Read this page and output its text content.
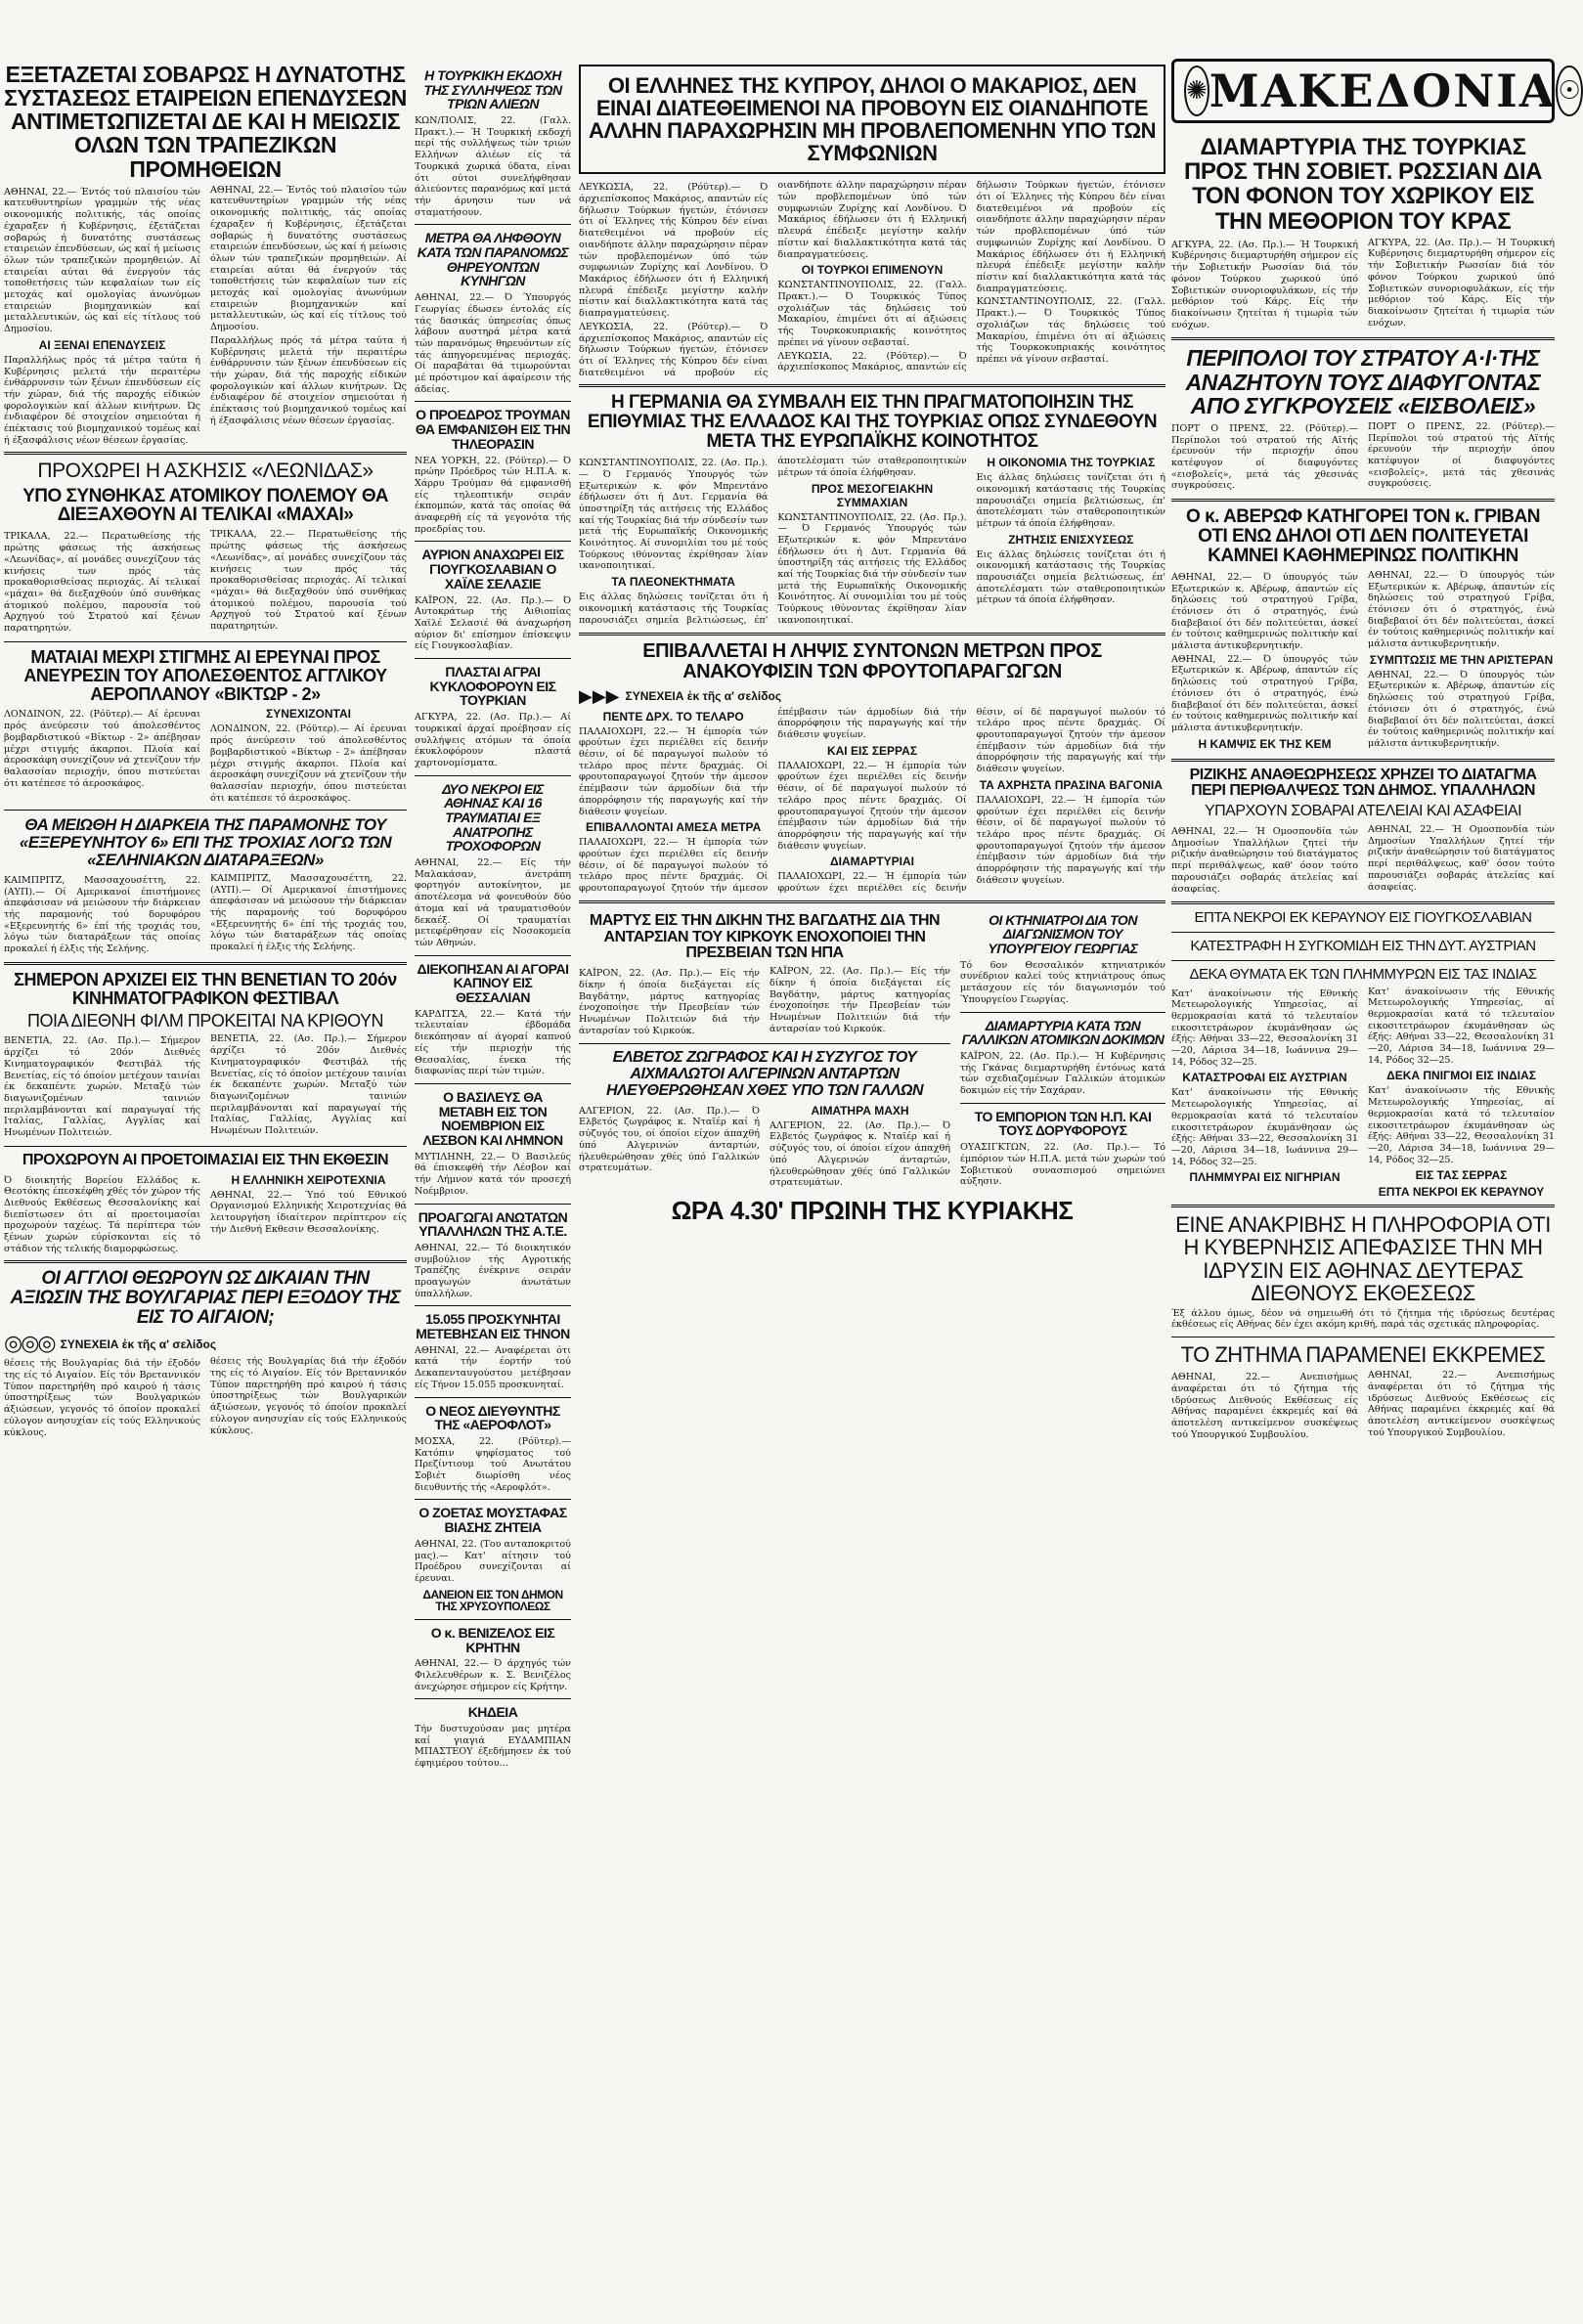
ΕΞΕΤΑΖΕΤΑΙ ΣΟΒΑΡΩΣ Η ΔΥΝΑΤΟΤΗΣ ΣΥΣΤΑΣΕΩΣ ΕΤΑΙΡΕΙΩΝ ΕΠΕΝΔΥΣΕΩΝ ΑΝΤΙΜΕΤΩΠΙΖΕΤΑΙ ΔΕ ΚΑΙ Η ΜΕΙΩΣΙΣ ΟΛΩΝ ΤΩΝ ΤΡΑΠΕΖΙΚΩΝ ΠΡΟΜΗΘΕΙΩΝ

ΑΘΗΝΑΙ, 22.— Έντός τού πλαισίου τών κατευθυντηρίων γραμμών τής νέας οικονομικής πολιτικής, τάς οποίας έχαραξεν ή Κυβέρνησις, έξετάζεται σοβαρώς ή δυνατότης συστάσεως εταιρειών έπενδύσεων, ώς καί ή μείωσις όλων τών τραπεζικών προμηθειών. Αί εταιρείαι αύται θά ένεργούν τάς τοποθετήσεις τών κεφαλαίων των είς μετοχάς καί ομολογίας άνωνύμων εταιρειών βιομηχανικών καί μεταλλευτικών, ώς καί είς τίτλους τού Δημοσίου.

ΑΙ ΞΕΝΑΙ ΕΠΕΝΔΥΣΕΙΣ

Παραλλήλως πρός τά μέτρα ταύτα ή Κυβέρνησις μελετά τήν περαιτέρω ένθάρρυνσιν τών ξένων έπενδύσεων είς τήν χώραν, διά τής παροχής είδικών φορολογικών καί άλλων κινήτρων. Ώς ένδιαφέρον δέ στοιχείον σημειούται ή έπέκτασις τού βιομηχανικού τομέως καί ή έξασφάλισις νέων θέσεων έργασίας.

ΑΘΗΝΑΙ, 22.— Έντός τού πλαισίου τών κατευθυντηρίων γραμμών τής νέας οικονομικής πολιτικής, τάς οποίας έχαραξεν ή Κυβέρνησις, έξετάζεται σοβαρώς ή δυνατότης συστάσεως εταιρειών έπενδύσεων, ώς καί ή μείωσις όλων τών τραπεζικών προμηθειών. Αί εταιρείαι αύται θά ένεργούν τάς τοποθετήσεις τών κεφαλαίων των είς μετοχάς καί ομολογίας άνωνύμων εταιρειών βιομηχανικών καί μεταλλευτικών, ώς καί είς τίτλους τού Δημοσίου.

Παραλλήλως πρός τά μέτρα ταύτα ή Κυβέρνησις μελετά τήν περαιτέρω ένθάρρυνσιν τών ξένων έπενδύσεων είς τήν χώραν, διά τής παροχής είδικών φορολογικών καί άλλων κινήτρων. Ώς ένδιαφέρον δέ στοιχείον σημειούται ή έπέκτασις τού βιομηχανικού τομέως καί ή έξασφάλισις νέων θέσεων έργασίας.

ΠΡΟΧΩΡΕΙ Η ΑΣΚΗΣΙΣ «ΛΕΩΝΙΔΑΣ»
ΥΠΟ ΣΥΝΘΗΚΑΣ ΑΤΟΜΙΚΟΥ ΠΟΛΕΜΟΥ ΘΑ ΔΙΕΞΑΧΘΟΥΝ ΑΙ ΤΕΛΙΚΑΙ «ΜΑΧΑΙ»

ΤΡΙΚΑΛΑ, 22.— Περατωθείσης τής πρώτης φάσεως τής άσκήσεως «Λεωνίδας», αί μονάδες συνεχίζουν τάς κινήσεις των πρός τάς προκαθορισθείσας περιοχάς. Αί τελικαί «μάχαι» θά διεξαχθούν ύπό συνθήκας άτομικού πολέμου, παρουσία τού Αρχηγού τού Στρατού καί ξένων παρατηρητών.

ΤΡΙΚΑΛΑ, 22.— Περατωθείσης τής πρώτης φάσεως τής άσκήσεως «Λεωνίδας», αί μονάδες συνεχίζουν τάς κινήσεις των πρός τάς προκαθορισθείσας περιοχάς. Αί τελικαί «μάχαι» θά διεξαχθούν ύπό συνθήκας άτομικού πολέμου, παρουσία τού Αρχηγού τού Στρατού καί ξένων παρατηρητών.

ΜΑΤΑΙΑΙ ΜΕΧΡΙ ΣΤΙΓΜΗΣ ΑΙ ΕΡΕΥΝΑΙ ΠΡΟΣ ΑΝΕΥΡΕΣΙΝ ΤΟΥ ΑΠΟΛΕΣΘΕΝΤΟΣ ΑΓΓΛΙΚΟΥ ΑΕΡΟΠΛΑΝΟΥ «ΒΙΚΤΩΡ - 2»

ΛΟΝΔΙΝΟΝ, 22. (Ρόϋτερ).— Αί έρευναι πρός άνεύρεσιν τού άπολεσθέντος βομβαρδιστικού «Βίκτωρ - 2» άπέβησαν μέχρι στιγμής άκαρποι. Πλοία καί άεροσκάφη συνεχίζουν νά χτενίζουν τήν θαλασσίαν περιοχήν, όπου πιστεύεται ότι κατέπεσε τό άεροσκάφος.

ΣΥΝΕΧΙΖΟΝΤΑΙ

ΛΟΝΔΙΝΟΝ, 22. (Ρόϋτερ).— Αί έρευναι πρός άνεύρεσιν τού άπολεσθέντος βομβαρδιστικού «Βίκτωρ - 2» άπέβησαν μέχρι στιγμής άκαρποι. Πλοία καί άεροσκάφη συνεχίζουν νά χτενίζουν τήν θαλασσίαν περιοχήν, όπου πιστεύεται ότι κατέπεσε τό άεροσκάφος.

ΘΑ ΜΕΙΩΘΗ Η ΔΙΑΡΚΕΙΑ ΤΗΣ ΠΑΡΑΜΟΝΗΣ ΤΟΥ «ΕΞΕΡΕΥΝΗΤΟΥ 6» ΕΠΙ ΤΗΣ ΤΡΟΧΙΑΣ ΛΟΓΩ ΤΩΝ «ΣΕΛΗΝΙΑΚΩΝ ΔΙΑΤΑΡΑΞΕΩΝ»

ΚΑΙΜΠΡΙΤΖ, Μασσαχουσέττη, 22. (ΑΥΠ).— Οί Αμερικανοί έπιστήμονες άπεφάσισαν νά μειώσουν τήν διάρκειαν τής παραμονής τού δορυφόρου «Εξερευνητής 6» έπί τής τροχιάς του, λόγω τών διαταράξεων τάς οποίας προκαλεί ή έλξις τής Σελήνης.

ΚΑΙΜΠΡΙΤΖ, Μασσαχουσέττη, 22. (ΑΥΠ).— Οί Αμερικανοί έπιστήμονες άπεφάσισαν νά μειώσουν τήν διάρκειαν τής παραμονής τού δορυφόρου «Εξερευνητής 6» έπί τής τροχιάς του, λόγω τών διαταράξεων τάς οποίας προκαλεί ή έλξις τής Σελήνης.

ΣΗΜΕΡΟΝ ΑΡΧΙΖΕΙ ΕΙΣ ΤΗΝ ΒΕΝΕΤΙΑΝ ΤΟ 20όν ΚΙΝΗΜΑΤΟΓΡΑΦΙΚΟΝ ΦΕΣΤΙΒΑΛ
ΠΟΙΑ ΔΙΕΘΝΗ ΦΙΛΜ ΠΡΟΚΕΙΤΑΙ ΝΑ ΚΡΙΘΟΥΝ

ΒΕΝΕΤΙΑ, 22. (Ασ. Πρ.).— Σήμερον άρχίζει τό 20όν Διεθνές Κινηματογραφικόν Φεστιβάλ τής Βενετίας, είς τό όποίον μετέχουν ταινίαι έκ δεκαπέντε χωρών. Μεταξύ τών διαγωνιζομένων ταινιών περιλαμβάνονται καί παραγωγαί τής Ιταλίας, Γαλλίας, Αγγλίας καί Ηνωμένων Πολιτειών.

ΒΕΝΕΤΙΑ, 22. (Ασ. Πρ.).— Σήμερον άρχίζει τό 20όν Διεθνές Κινηματογραφικόν Φεστιβάλ τής Βενετίας, είς τό όποίον μετέχουν ταινίαι έκ δεκαπέντε χωρών. Μεταξύ τών διαγωνιζομένων ταινιών περιλαμβάνονται καί παραγωγαί τής Ιταλίας, Γαλλίας, Αγγλίας καί Ηνωμένων Πολιτειών.

ΠΡΟΧΩΡΟΥΝ ΑΙ ΠΡΟΕΤΟΙΜΑΣΙΑΙ ΕΙΣ ΤΗΝ ΕΚΘΕΣΙΝ

Ό διοικητής Βορείου Ελλάδος κ. Θεοτόκης έπεσκέφθη χθές τόν χώρον τής Διεθνούς Εκθέσεως Θεσσαλονίκης καί διεπίστωσεν ότι αί προετοιμασίαι προχωρούν ταχέως. Τά περίπτερα τών ξένων χωρών εύρίσκονται είς τό στάδιον τής τελικής διαμορφώσεως.

Η ΕΛΛΗΝΙΚΗ ΧΕΙΡΟΤΕΧΝΙΑ

ΑΘΗΝΑΙ, 22.— Ύπό τού Εθνικού Οργανισμού Ελληνικής Χειροτεχνίας θά λειτουργήση ίδιαίτερον περίπτερον είς τήν Διεθνή Εκθεσιν Θεσσαλονίκης.

ΟΙ ΑΓΓΛΟΙ ΘΕΩΡΟΥΝ ΩΣ ΔΙΚΑΙΑΝ ΤΗΝ ΑΞΙΩΣΙΝ ΤΗΣ ΒΟΥΛΓΑΡΙΑΣ ΠΕΡΙ ΕΞΟΔΟΥ ΤΗΣ ΕΙΣ ΤΟ ΑΙΓΑΙΟΝ;
◎◎◎ ΣΥΝΕΧΕΙΑ ἐκ τῆς α' σελίδος

θέσεις τής Βουλγαρίας διά τήν έξοδόν της είς τό Αιγαίον. Είς τόν Βρεταννικόν Τύπον παρετηρήθη πρό καιρού ή τάσις ύποστηρίξεως τών Βουλγαρικών άξιώσεων, γεγονός τό όποίον προκαλεί εύλογον ανησυχίαν είς τούς Ελληνικούς κύκλους.

θέσεις τής Βουλγαρίας διά τήν έξοδόν της είς τό Αιγαίον. Είς τόν Βρεταννικόν Τύπον παρετηρήθη πρό καιρού ή τάσις ύποστηρίξεως τών Βουλγαρικών άξιώσεων, γεγονός τό όποίον προκαλεί εύλογον ανησυχίαν είς τούς Ελληνικούς κύκλους.

Η ΤΟΥΡΚΙΚΗ ΕΚΔΟΧΗ ΤΗΣ ΣΥΛΛΗΨΕΩΣ ΤΩΝ ΤΡΙΩΝ ΑΛΙΕΩΝ

ΚΩΝ/ΠΟΛΙΣ, 22. (Γαλλ. Πρακτ.).— Ή Τουρκική εκδοχή περί τής συλλήψεως τών τριών Ελλήνων άλιέων είς τά Τουρκικά χωρικά ύδατα, είναι ότι ούτοι συνελήφθησαν άλιεύοντες παρανόμως καί μετά τήν άρνησιν των νά σταματήσουν.

ΜΕΤΡΑ ΘΑ ΛΗΦΘΟΥΝ ΚΑΤΑ ΤΩΝ ΠΑΡΑΝΟΜΩΣ ΘΗΡΕΥΟΝΤΩΝ ΚΥΝΗΓΩΝ

ΑΘΗΝΑΙ, 22.— Ό Ύπουργός Γεωργίας έδωσεν έντολάς είς τάς δασικάς ύπηρεσίας όπως λάβουν αυστηρά μέτρα κατά τών παρανόμως θηρευόντων είς τάς άπηγορευμένας περιοχάς. Οί παραβάται θά τιμωρούνται μέ πρόστιμον καί άφαίρεσιν τής άδείας.

Ο ΠΡΟΕΔΡΟΣ ΤΡΟΥΜΑΝ ΘΑ ΕΜΦΑΝΙΣΘΗ ΕΙΣ ΤΗΝ ΤΗΛΕΟΡΑΣΙΝ

ΝΕΑ ΥΟΡΚΗ, 22. (Ρόϋτερ).— Ό πρώην Πρόεδρος τών Η.Π.Α. κ. Χάρρυ Τρούμαν θά εμφανισθή είς τηλεοπτικήν σειράν έκπομπών, κατά τάς οποίας θά άναφερθή είς τά γεγονότα τής προεδρίας του.

ΑΥΡΙΟΝ ΑΝΑΧΩΡΕΙ ΕΙΣ ΓΙΟΥΓΚΟΣΛΑΒΙΑΝ Ο ΧΑΪΛΕ ΣΕΛΑΣΙΕ

ΚΑΪΡΟΝ, 22. (Ασ. Πρ.).— Ό Αυτοκράτωρ τής Αιθιοπίας Χαϊλέ Σελασιέ θά άναχωρήση αύριον δι' επίσημον έπίσκεψιν είς Γιουγκοσλαβίαν.

ΠΛΑΣΤΑΙ ΑΓΡΑΙ ΚΥΚΛΟΦΟΡΟΥΝ ΕΙΣ ΤΟΥΡΚΙΑΝ

ΑΓΚΥΡΑ, 22. (Ασ. Πρ.).— Αί τουρκικαί άρχαί προέβησαν είς συλλήψεις ατόμων τά όποία έκυκλοφόρουν πλαστά χαρτονομίσματα.

ΔΥΟ ΝΕΚΡΟΙ ΕΙΣ ΑΘΗΝΑΣ ΚΑΙ 16 ΤΡΑΥΜΑΤΙΑΙ ΕΞ ΑΝΑΤΡΟΠΗΣ ΤΡΟΧΟΦΟΡΩΝ

ΑΘΗΝΑΙ, 22.— Είς τήν Μαλακάσαν, άνετράπη φορτηγόν αυτοκίνητον, με άποτέλεσμα νά φονευθούν δύο άτομα καί νά τραυματισθούν δεκαέξ. Οί τραυματίαι μετεφέρθησαν είς Νοσοκομεία τών Αθηνών.

ΔΙΕΚΟΠΗΣΑΝ ΑΙ ΑΓΟΡΑΙ ΚΑΠΝΟΥ ΕΙΣ ΘΕΣΣΑΛΙΑΝ

ΚΑΡΔΙΤΣΑ, 22.— Κατά τήν τελευταίαν έβδομάδα διεκόπησαν αί άγοραί καπνού είς τήν περιοχήν τής Θεσσαλίας, ένεκα τής διαφωνίας περί τών τιμών.

Ο ΒΑΣΙΛΕΥΣ ΘΑ ΜΕΤΑΒΗ ΕΙΣ ΤΟΝ ΝΟΕΜΒΡΙΟΝ ΕΙΣ ΛΕΣΒΟΝ ΚΑΙ ΛΗΜΝΟΝ

ΜΥΤΙΛΗΝΗ, 22.— Ό Βασιλεύς θά έπισκεφθή τήν Λέσβον καί τήν Λήμνον κατά τόν προσεχή Νοέμβριον.

ΠΡΟΑΓΩΓΑΙ ΑΝΩΤΑΤΩΝ ΥΠΑΛΛΗΛΩΝ ΤΗΣ Α.Τ.Ε.

ΑΘΗΝΑΙ, 22.— Τό διοικητικόν συμβούλιον τής Αγροτικής Τραπέζης ένέκρινε σειράν προαγωγών άνωτάτων ύπαλλήλων.

15.055 ΠΡΟΣΚΥΝΗΤΑΙ ΜΕΤΕΒΗΣΑΝ ΕΙΣ ΤΗΝΟΝ

ΑΘΗΝΑΙ, 22.— Αναφέρεται ότι κατά τήν έορτήν τού Δεκαπενταυγούστου μετέβησαν είς Τήνον 15.055 προσκυνηταί.

Ο ΝΕΟΣ ΔΙΕΥΘΥΝΤΗΣ ΤΗΣ «ΑΕΡΟΦΛΟΤ»

ΜΟΣΧΑ, 22. (Ρόϋτερ).— Κατόπιν ψηφίσματος τού Πρεζίντιουμ τού Ανωτάτου Σοβιέτ διωρίσθη νέος διευθυντής τής «Αεροφλότ».

Ο ΖΟΕΤΑΣ ΜΟΥΣΤΑΦΑΣ ΒΙΑΣΗΣ ΖΗΤΕΙΑ

ΑΘΗΝΑΙ, 22. (Του ανταποκριτού μας).— Κατ' αίτησιν τού Προέδρου συνεχίζονται αί έρευναι.

ΔΑΝΕΙΟΝ ΕΙΣ ΤΟΝ ΔΗΜΟΝ ΤΗΣ ΧΡΥΣΟΥΠΟΛΕΩΣ
Ο κ. ΒΕΝΙΖΕΛΟΣ ΕΙΣ ΚΡΗΤΗΝ

ΑΘΗΝΑΙ, 22.— Ό άρχηγός τών Φιλελευθέρων κ. Σ. Βενιζέλος άνεχώρησε σήμερον είς Κρήτην.

ΚΗΔΕΙΑ

Τήν δυστυχούσαν μας μητέρα καί γιαγιά ΕΥΔΑΜΠΙΑΝ ΜΠΑΣΤΕΟΥ έξεδήμησεν έκ τού έφηιμέρου τούτου...

ΟΙ ΕΛΛΗΝΕΣ ΤΗΣ ΚΥΠΡΟΥ, ΔΗΛΟΙ Ο ΜΑΚΑΡΙΟΣ, ΔΕΝ ΕΙΝΑΙ ΔΙΑΤΕΘΕΙΜΕΝΟΙ ΝΑ ΠΡΟΒΟΥΝ ΕΙΣ ΟΙΑΝΔΗΠΟΤΕ ΑΛΛΗΝ ΠΑΡΑΧΩΡΗΣΙΝ ΜΗ ΠΡΟΒΛΕΠΟΜΕΝΗΝ ΥΠΟ ΤΩΝ ΣΥΜΦΩΝΙΩΝ

ΛΕΥΚΩΣΙΑ, 22. (Ρόϋτερ).— Ό άρχιεπίσκοπος Μακάριος, απαντών είς δήλωσιν Τούρκων ήγετών, έτόνισεν ότι οί Έλληνες τής Κύπρου δέν είναι διατεθειμένοι νά προβούν είς οιανδήποτε άλλην παραχώρησιν πέραν τών προβλεπομένων ύπό τών συμφωνιών Ζυρίχης καί Λονδίνου. Ό Μακάριος έδήλωσεν ότι ή Ελληνική πλευρά έπέδειξε μεγίστην καλήν πίστιν καί διαλλακτικότητα κατά τάς διαπραγματεύσεις.

ΛΕΥΚΩΣΙΑ, 22. (Ρόϋτερ).— Ό άρχιεπίσκοπος Μακάριος, απαντών είς δήλωσιν Τούρκων ήγετών, έτόνισεν ότι οί Έλληνες τής Κύπρου δέν είναι διατεθειμένοι νά προβούν είς οιανδήποτε άλλην παραχώρησιν πέραν τών προβλεπομένων ύπό τών συμφωνιών Ζυρίχης καί Λονδίνου. Ό Μακάριος έδήλωσεν ότι ή Ελληνική πλευρά έπέδειξε μεγίστην καλήν πίστιν καί διαλλακτικότητα κατά τάς διαπραγματεύσεις.

ΟΙ ΤΟΥΡΚΟΙ ΕΠΙΜΕΝΟΥΝ

ΚΩΝΣΤΑΝΤΙΝΟΥΠΟΛΙΣ, 22. (Γαλλ. Πρακτ.).— Ό Τουρκικός Τύπος σχολιάζων τάς δηλώσεις τού Μακαρίου, έπιμένει ότι αί άξιώσεις τής Τουρκοκυπριακής κοινότητος πρέπει νά γίνουν σεβασταί.

ΛΕΥΚΩΣΙΑ, 22. (Ρόϋτερ).— Ό άρχιεπίσκοπος Μακάριος, απαντών είς δήλωσιν Τούρκων ήγετών, έτόνισεν ότι οί Έλληνες τής Κύπρου δέν είναι διατεθειμένοι νά προβούν είς οιανδήποτε άλλην παραχώρησιν πέραν τών προβλεπομένων ύπό τών συμφωνιών Ζυρίχης καί Λονδίνου. Ό Μακάριος έδήλωσεν ότι ή Ελληνική πλευρά έπέδειξε μεγίστην καλήν πίστιν καί διαλλακτικότητα κατά τάς διαπραγματεύσεις.

ΚΩΝΣΤΑΝΤΙΝΟΥΠΟΛΙΣ, 22. (Γαλλ. Πρακτ.).— Ό Τουρκικός Τύπος σχολιάζων τάς δηλώσεις τού Μακαρίου, έπιμένει ότι αί άξιώσεις τής Τουρκοκυπριακής κοινότητος πρέπει νά γίνουν σεβασταί.

Η ΓΕΡΜΑΝΙΑ ΘΑ ΣΥΜΒΑΛΗ ΕΙΣ ΤΗΝ ΠΡΑΓΜΑΤΟΠΟΙΗΣΙΝ ΤΗΣ ΕΠΙΘΥΜΙΑΣ ΤΗΣ ΕΛΛΑΔΟΣ ΚΑΙ ΤΗΣ ΤΟΥΡΚΙΑΣ ΟΠΩΣ ΣΥΝΔΕΘΟΥΝ ΜΕΤΑ ΤΗΣ ΕΥΡΩΠΑΪΚΗΣ ΚΟΙΝΟΤΗΤΟΣ

ΚΩΝΣΤΑΝΤΙΝΟΥΠΟΛΙΣ, 22. (Ασ. Πρ.).— Ό Γερμανός Ύπουργός τών Εξωτερικών κ. φόν Μπρεντάνο έδήλωσεν ότι ή Δυτ. Γερμανία θά ύποστηρίξη τάς αιτήσεις τής Ελλάδος καί τής Τουρκίας διά τήν σύνδεσίν των μετά τής Ευρωπαϊκής Οικονομικής Κοινότητος. Αί συνομιλίαι του μέ τούς Τούρκους ιθύνοντας έκρίθησαν λίαν ικανοποιητικαί.

ΤΑ ΠΛΕΟΝΕΚΤΗΜΑΤΑ

Εις άλλας δηλώσεις τονίζεται ότι ή οικονομική κατάστασις τής Τουρκίας παρουσιάζει σημεία βελτιώσεως, έπ' άποτελέσματι τών σταθεροποιητικών μέτρων τά όποία έλήφθησαν.

ΠΡΟΣ ΜΕΣΟΓΕΙΑΚΗΝ ΣΥΜΜΑΧΙΑΝ

ΚΩΝΣΤΑΝΤΙΝΟΥΠΟΛΙΣ, 22. (Ασ. Πρ.).— Ό Γερμανός Ύπουργός τών Εξωτερικών κ. φόν Μπρεντάνο έδήλωσεν ότι ή Δυτ. Γερμανία θά ύποστηρίξη τάς αιτήσεις τής Ελλάδος καί τής Τουρκίας διά τήν σύνδεσίν των μετά τής Ευρωπαϊκής Οικονομικής Κοινότητος. Αί συνομιλίαι του μέ τούς Τούρκους ιθύνοντας έκρίθησαν λίαν ικανοποιητικαί.

Η ΟΙΚΟΝΟΜΙΑ ΤΗΣ ΤΟΥΡΚΙΑΣ

Εις άλλας δηλώσεις τονίζεται ότι ή οικονομική κατάστασις τής Τουρκίας παρουσιάζει σημεία βελτιώσεως, έπ' άποτελέσματι τών σταθεροποιητικών μέτρων τά όποία έλήφθησαν.

ΖΗΤΗΣΙΣ ΕΝΙΣΧΥΣΕΩΣ

Εις άλλας δηλώσεις τονίζεται ότι ή οικονομική κατάστασις τής Τουρκίας παρουσιάζει σημεία βελτιώσεως, έπ' άποτελέσματι τών σταθεροποιητικών μέτρων τά όποία έλήφθησαν.

ΕΠΙΒΑΛΛΕΤΑΙ Η ΛΗΨΙΣ ΣΥΝΤΟΝΩΝ ΜΕΤΡΩΝ ΠΡΟΣ ΑΝΑΚΟΥΦΙΣΙΝ ΤΩΝ ΦΡΟΥΤΟΠΑΡΑΓΩΓΩΝ
▶▶▶ ΣΥΝΕΧΕΙΑ ἐκ τῆς α' σελίδος
ΠΕΝΤΕ ΔΡΧ. ΤΟ ΤΕΛΑΡΟ

ΠΑΛΑΙΟΧΩΡΙ, 22.— Ή έμπορία τών φρούτων έχει περιέλθει είς δεινήν θέσιν, οί δέ παραγωγοί πωλούν τό τελάρο προς πέντε δραχμάς. Οί φρουτοπαραγωγοί ζητούν τήν άμεσον έπέμβασιν τών άρμοδίων διά τήν άπορρόφησιν τής παραγωγής καί τήν διάθεσιν ψυγείων.

ΕΠΙΒΑΛΛΟΝΤΑΙ ΑΜΕΣΑ ΜΕΤΡΑ

ΠΑΛΑΙΟΧΩΡΙ, 22.— Ή έμπορία τών φρούτων έχει περιέλθει είς δεινήν θέσιν, οί δέ παραγωγοί πωλούν τό τελάρο προς πέντε δραχμάς. Οί φρουτοπαραγωγοί ζητούν τήν άμεσον έπέμβασιν τών άρμοδίων διά τήν άπορρόφησιν τής παραγωγής καί τήν διάθεσιν ψυγείων.

ΚΑΙ ΕΙΣ ΣΕΡΡΑΣ

ΠΑΛΑΙΟΧΩΡΙ, 22.— Ή έμπορία τών φρούτων έχει περιέλθει είς δεινήν θέσιν, οί δέ παραγωγοί πωλούν τό τελάρο προς πέντε δραχμάς. Οί φρουτοπαραγωγοί ζητούν τήν άμεσον έπέμβασιν τών άρμοδίων διά τήν άπορρόφησιν τής παραγωγής καί τήν διάθεσιν ψυγείων.

ΔΙΑΜΑΡΤΥΡΙΑΙ

ΠΑΛΑΙΟΧΩΡΙ, 22.— Ή έμπορία τών φρούτων έχει περιέλθει είς δεινήν θέσιν, οί δέ παραγωγοί πωλούν τό τελάρο προς πέντε δραχμάς. Οί φρουτοπαραγωγοί ζητούν τήν άμεσον έπέμβασιν τών άρμοδίων διά τήν άπορρόφησιν τής παραγωγής καί τήν διάθεσιν ψυγείων.

ΤΑ ΑΧΡΗΣΤΑ ΠΡΑΣΙΝΑ ΒΑΓΟΝΙΑ

ΠΑΛΑΙΟΧΩΡΙ, 22.— Ή έμπορία τών φρούτων έχει περιέλθει είς δεινήν θέσιν, οί δέ παραγωγοί πωλούν τό τελάρο προς πέντε δραχμάς. Οί φρουτοπαραγωγοί ζητούν τήν άμεσον έπέμβασιν τών άρμοδίων διά τήν άπορρόφησιν τής παραγωγής καί τήν διάθεσιν ψυγείων.

ΜΑΡΤΥΣ ΕΙΣ ΤΗΝ ΔΙΚΗΝ ΤΗΣ ΒΑΓΔΑΤΗΣ ΔΙΑ ΤΗΝ ΑΝΤΑΡΣΙΑΝ ΤΟΥ ΚΙΡΚΟΥΚ ΕΝΟΧΟΠΟΙΕΙ ΤΗΝ ΠΡΕΣΒΕΙΑΝ ΤΩΝ ΗΠΑ

ΚΑΪΡΟΝ, 22. (Ασ. Πρ.).— Είς τήν δίκην ή όποία διεξάγεται είς Βαγδάτην, μάρτυς κατηγορίας ένοχοποίησε τήν Πρεσβείαν τών Ηνωμένων Πολιτειών διά τήν άνταρσίαν τού Κιρκούκ.

ΚΑΪΡΟΝ, 22. (Ασ. Πρ.).— Είς τήν δίκην ή όποία διεξάγεται είς Βαγδάτην, μάρτυς κατηγορίας ένοχοποίησε τήν Πρεσβείαν τών Ηνωμένων Πολιτειών διά τήν άνταρσίαν τού Κιρκούκ.

ΕΛΒΕΤΟΣ ΖΩΓΡΑΦΟΣ ΚΑΙ Η ΣΥΖΥΓΟΣ ΤΟΥ ΑΙΧΜΑΛΩΤΟΙ ΑΛΓΕΡΙΝΩΝ ΑΝΤΑΡΤΩΝ ΗΛΕΥΘΕΡΩΘΗΣΑΝ ΧΘΕΣ ΥΠΟ ΤΩΝ ΓΑΛΛΩΝ

ΑΛΓΕΡΙΟΝ, 22. (Ασ. Πρ.).— Ό Ελβετός ζωγράφος κ. Νταϊέρ καί ή σύζυγός του, οί όποίοι είχον άπαχθή ύπό Αλγερινών άνταρτών, ήλευθερώθησαν χθές ύπό Γαλλικών στρατευμάτων.

ΑΙΜΑΤΗΡΑ ΜΑΧΗ

ΑΛΓΕΡΙΟΝ, 22. (Ασ. Πρ.).— Ό Ελβετός ζωγράφος κ. Νταϊέρ καί ή σύζυγός του, οί όποίοι είχον άπαχθή ύπό Αλγερινών άνταρτών, ήλευθερώθησαν χθές ύπό Γαλλικών στρατευμάτων.

ΟΙ ΚΤΗΝΙΑΤΡΟΙ ΔΙΑ ΤΟΝ ΔΙΑΓΩΝΙΣΜΟΝ ΤΟΥ ΥΠΟΥΡΓΕΙΟΥ ΓΕΩΡΓΙΑΣ

Τό 6ον Θεσσαλικόν κτηνιατρικόν συνέδριον καλεί τούς κτηνιάτρους όπως μετάσχουν είς τόν διαγωνισμόν τού Ύπουργείου Γεωργίας.

ΔΙΑΜΑΡΤΥΡΙΑ ΚΑΤΑ ΤΩΝ ΓΑΛΛΙΚΩΝ ΑΤΟΜΙΚΩΝ ΔΟΚΙΜΩΝ

ΚΑΪΡΟΝ, 22. (Ασ. Πρ.).— Ή Κυβέρνησις τής Γκάνας διεμαρτυρήθη έντόνως κατά τών σχεδιαζομένων Γαλλικών άτομικών δοκιμών είς τήν Σαχάραν.

ΤΟ ΕΜΠΟΡΙΟΝ ΤΩΝ Η.Π. ΚΑΙ ΤΟΥΣ ΔΟΡΥΦΟΡΟΥΣ

ΟΥΑΣΙΓΚΤΩΝ, 22. (Ασ. Πρ.).— Τό έμπόριον τών Η.Π.Α. μετά τών χωρών τού Σοβιετικού συνασπισμού σημειώνει αύξησιν.

ΩΡΑ 4.30' ΠΡΩΙΝΗ ΤΗΣ ΚΥΡΙΑΚΗΣ
✺ ΜΑΚΕΔΟΝΙΑ ☉
ΔΙΑΜΑΡΤΥΡΙΑ ΤΗΣ ΤΟΥΡΚΙΑΣ ΠΡΟΣ ΤΗΝ ΣΟΒΙΕΤ. ΡΩΣΣΙΑΝ ΔΙΑ ΤΟΝ ΦΟΝΟΝ ΤΟΥ ΧΩΡΙΚΟΥ ΕΙΣ ΤΗΝ ΜΕΘΟΡΙΟΝ ΤΟΥ ΚΡΑΣ

ΑΓΚΥΡΑ, 22. (Ασ. Πρ.).— Ή Τουρκική Κυβέρνησις διεμαρτυρήθη σήμερον είς τήν Σοβιετικήν Ρωσσίαν διά τόν φόνον Τούρκου χωρικού ύπό Σοβιετικών συνοριοφυλάκων, είς τήν μεθόριον τού Κάρς. Είς τήν διακοίνωσιν ζητείται ή τιμωρία τών ενόχων.

ΑΓΚΥΡΑ, 22. (Ασ. Πρ.).— Ή Τουρκική Κυβέρνησις διεμαρτυρήθη σήμερον είς τήν Σοβιετικήν Ρωσσίαν διά τόν φόνον Τούρκου χωρικού ύπό Σοβιετικών συνοριοφυλάκων, είς τήν μεθόριον τού Κάρς. Είς τήν διακοίνωσιν ζητείται ή τιμωρία τών ενόχων.

ΠΕΡΙΠΟΛΟΙ ΤΟΥ ΣΤΡΑΤΟΥ Α·Ι·ΤΗΣ ΑΝΑΖΗΤΟΥΝ ΤΟΥΣ ΔΙΑΦΥΓΟΝΤΑΣ ΑΠΟ ΣΥΓΚΡΟΥΣΕΙΣ «ΕΙΣΒΟΛΕΙΣ»

ΠΟΡΤ Ο ΠΡΕΝΣ, 22. (Ρόϋτερ).— Περίπολοι τού στρατού τής Αϊτής έρευνούν τήν περιοχήν όπου κατέφυγον οί διαφυγόντες «εισβολείς», μετά τάς χθεσινάς συγκρούσεις.

ΠΟΡΤ Ο ΠΡΕΝΣ, 22. (Ρόϋτερ).— Περίπολοι τού στρατού τής Αϊτής έρευνούν τήν περιοχήν όπου κατέφυγον οί διαφυγόντες «εισβολείς», μετά τάς χθεσινάς συγκρούσεις.

Ο κ. ΑΒΕΡΩΦ ΚΑΤΗΓΟΡΕΙ ΤΟΝ κ. ΓΡΙΒΑΝ ΟΤΙ ΕΝΩ ΔΗΛΟΙ ΟΤΙ ΔΕΝ ΠΟΛΙΤΕΥΕΤΑΙ ΚΑΜΝΕΙ ΚΑΘΗΜΕΡΙΝΩΣ ΠΟΛΙΤΙΚΗΝ

ΑΘΗΝΑΙ, 22.— Ό ύπουργός τών Εξωτερικών κ. Αβέρωφ, άπαντών είς δηλώσεις τού στρατηγού Γρίβα, έτόνισεν ότι ό στρατηγός, ένώ διαβεβαιοί ότι δέν πολιτεύεται, άσκεί έν τούτοις καθημερινώς πολιτικήν καί μάλιστα άντικυβερνητικήν.

ΑΘΗΝΑΙ, 22.— Ό ύπουργός τών Εξωτερικών κ. Αβέρωφ, άπαντών είς δηλώσεις τού στρατηγού Γρίβα, έτόνισεν ότι ό στρατηγός, ένώ διαβεβαιοί ότι δέν πολιτεύεται, άσκεί έν τούτοις καθημερινώς πολιτικήν καί μάλιστα άντικυβερνητικήν.

Η ΚΑΜΨΙΣ ΕΚ ΤΗΣ ΚΕΜ

ΑΘΗΝΑΙ, 22.— Ό ύπουργός τών Εξωτερικών κ. Αβέρωφ, άπαντών είς δηλώσεις τού στρατηγού Γρίβα, έτόνισεν ότι ό στρατηγός, ένώ διαβεβαιοί ότι δέν πολιτεύεται, άσκεί έν τούτοις καθημερινώς πολιτικήν καί μάλιστα άντικυβερνητικήν.

ΣΥΜΠΤΩΣΙΣ ΜΕ ΤΗΝ ΑΡΙΣΤΕΡΑΝ

ΑΘΗΝΑΙ, 22.— Ό ύπουργός τών Εξωτερικών κ. Αβέρωφ, άπαντών είς δηλώσεις τού στρατηγού Γρίβα, έτόνισεν ότι ό στρατηγός, ένώ διαβεβαιοί ότι δέν πολιτεύεται, άσκεί έν τούτοις καθημερινώς πολιτικήν καί μάλιστα άντικυβερνητικήν.

ΡΙΖΙΚΗΣ ΑΝΑΘΕΩΡΗΣΕΩΣ ΧΡΗΖΕΙ ΤΟ ΔΙΑΤΑΓΜΑ ΠΕΡΙ ΠΕΡΙΘΑΛΨΕΩΣ ΤΩΝ ΔΗΜΟΣ. ΥΠΑΛΛΗΛΩΝ
ΥΠΑΡΧΟΥΝ ΣΟΒΑΡΑΙ ΑΤΕΛΕΙΑΙ ΚΑΙ ΑΣΑΦΕΙΑΙ

ΑΘΗΝΑΙ, 22.— Ή Ομοσπονδία τών Δημοσίων Υπαλλήλων ζητεί τήν ριζικήν άναθεώρησιν τού διατάγματος περί περιθάλψεως, καθ' όσον τούτο παρουσιάζει σοβαράς άτελείας καί άσαφείας.

ΑΘΗΝΑΙ, 22.— Ή Ομοσπονδία τών Δημοσίων Υπαλλήλων ζητεί τήν ριζικήν άναθεώρησιν τού διατάγματος περί περιθάλψεως, καθ' όσον τούτο παρουσιάζει σοβαράς άτελείας καί άσαφείας.

ΕΠΤΑ ΝΕΚΡΟΙ ΕΚ ΚΕΡΑΥΝΟΥ ΕΙΣ ΓΙΟΥΓΚΟΣΛΑΒΙΑΝ
ΚΑΤΕΣΤΡΑΦΗ Η ΣΥΓΚΟΜΙΔΗ ΕΙΣ ΤΗΝ ΔΥΤ. ΑΥΣΤΡΙΑΝ
ΔΕΚΑ ΘΥΜΑΤΑ ΕΚ ΤΩΝ ΠΛΗΜΜΥΡΩΝ ΕΙΣ ΤΑΣ ΙΝΔΙΑΣ

Κατ' άνακοίνωσιν τής Εθνικής Μετεωρολογικής Υπηρεσίας, αί θερμοκρασίαι κατά τό τελευταίον εικοσιτετράωρον έκυμάνθησαν ώς έξής: Αθήναι 33—22, Θεσσαλονίκη 31—20, Λάρισα 34—18, Ιωάννινα 29—14, Ρόδος 32—25.

ΚΑΤΑΣΤΡΟΦΑΙ ΕΙΣ ΑΥΣΤΡΙΑΝ

Κατ' άνακοίνωσιν τής Εθνικής Μετεωρολογικής Υπηρεσίας, αί θερμοκρασίαι κατά τό τελευταίον εικοσιτετράωρον έκυμάνθησαν ώς έξής: Αθήναι 33—22, Θεσσαλονίκη 31—20, Λάρισα 34—18, Ιωάννινα 29—14, Ρόδος 32—25.

ΠΛΗΜΜΥΡΑΙ ΕΙΣ ΝΙΓΗΡΙΑΝ

Κατ' άνακοίνωσιν τής Εθνικής Μετεωρολογικής Υπηρεσίας, αί θερμοκρασίαι κατά τό τελευταίον εικοσιτετράωρον έκυμάνθησαν ώς έξής: Αθήναι 33—22, Θεσσαλονίκη 31—20, Λάρισα 34—18, Ιωάννινα 29—14, Ρόδος 32—25.

ΔΕΚΑ ΠΝΙΓΜΟΙ ΕΙΣ ΙΝΔΙΑΣ

Κατ' άνακοίνωσιν τής Εθνικής Μετεωρολογικής Υπηρεσίας, αί θερμοκρασίαι κατά τό τελευταίον εικοσιτετράωρον έκυμάνθησαν ώς έξής: Αθήναι 33—22, Θεσσαλονίκη 31—20, Λάρισα 34—18, Ιωάννινα 29—14, Ρόδος 32—25.

ΕΙΣ ΤΑΣ ΣΕΡΡΑΣ
ΕΠΤΑ ΝΕΚΡΟΙ ΕΚ ΚΕΡΑΥΝΟΥ
ΕΙΝΕ ΑΝΑΚΡΙΒΗΣ Η ΠΛΗΡΟΦΟΡΙΑ ΟΤΙ Η ΚΥΒΕΡΝΗΣΙΣ ΑΠΕΦΑΣΙΣΕ ΤΗΝ ΜΗ ΙΔΡΥΣΙΝ ΕΙΣ ΑΘΗΝΑΣ ΔΕΥΤΕΡΑΣ ΔΙΕΘΝΟΥΣ ΕΚΘΕΣΕΩΣ

Έξ άλλου όμως, δέον νά σημειωθή ότι τό ζήτημα τής ιδρύσεως δευτέρας έκθέσεως είς Αθήνας δέν έχει ακόμη κριθή, παρά τάς σχετικάς πληροφορίας.

ΤΟ ΖΗΤΗΜΑ ΠΑΡΑΜΕΝΕΙ ΕΚΚΡΕΜΕΣ

ΑΘΗΝΑΙ, 22.— Ανεπισήμως άναφέρεται ότι τό ζήτημα τής ιδρύσεως Διεθνούς Εκθέσεως είς Αθήνας παραμένει έκκρεμές καί θά άποτελέση αντικείμενον συσκέψεως τού Υπουργικού Συμβουλίου.

ΑΘΗΝΑΙ, 22.— Ανεπισήμως άναφέρεται ότι τό ζήτημα τής ιδρύσεως Διεθνούς Εκθέσεως είς Αθήνας παραμένει έκκρεμές καί θά άποτελέση αντικείμενον συσκέψεως τού Υπουργικού Συμβουλίου.
